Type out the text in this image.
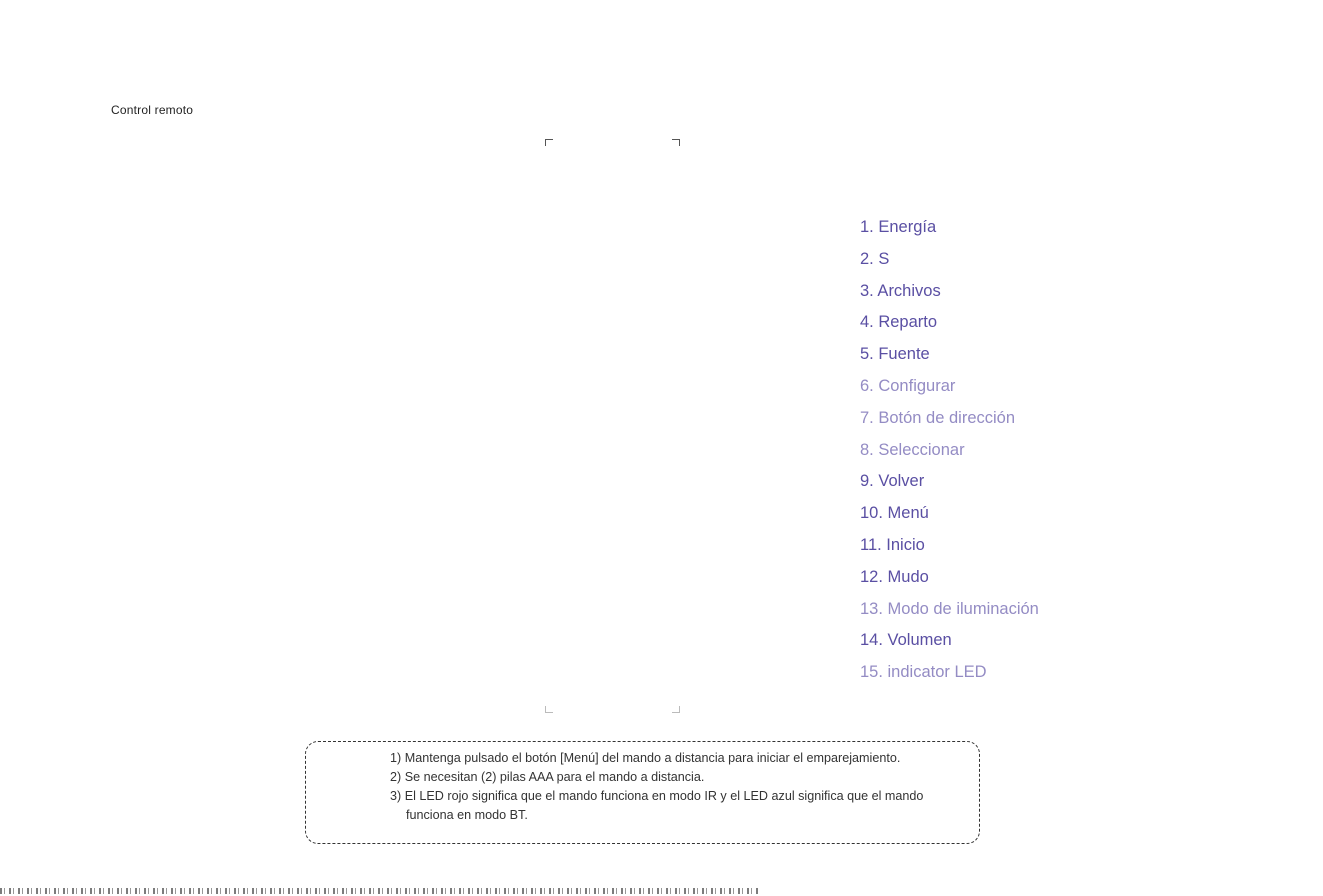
Control remoto
1. Energía
2. S
3. Archivos
4. Reparto
5. Fuente
6. Configurar
7. Botón de dirección
8. Seleccionar
9. Volver
10. Menú
11. Inicio
12. Mudo
13. Modo de iluminación
14. Volumen
15. indicator LED
1) Mantenga pulsado el botón [Menú] del mando a distancia para iniciar el emparejamiento.
2) Se necesitan (2) pilas AAA para el mando a distancia.
3) El LED rojo significa que el mando funciona en modo IR y el LED azul significa que el mando funciona en modo BT.
